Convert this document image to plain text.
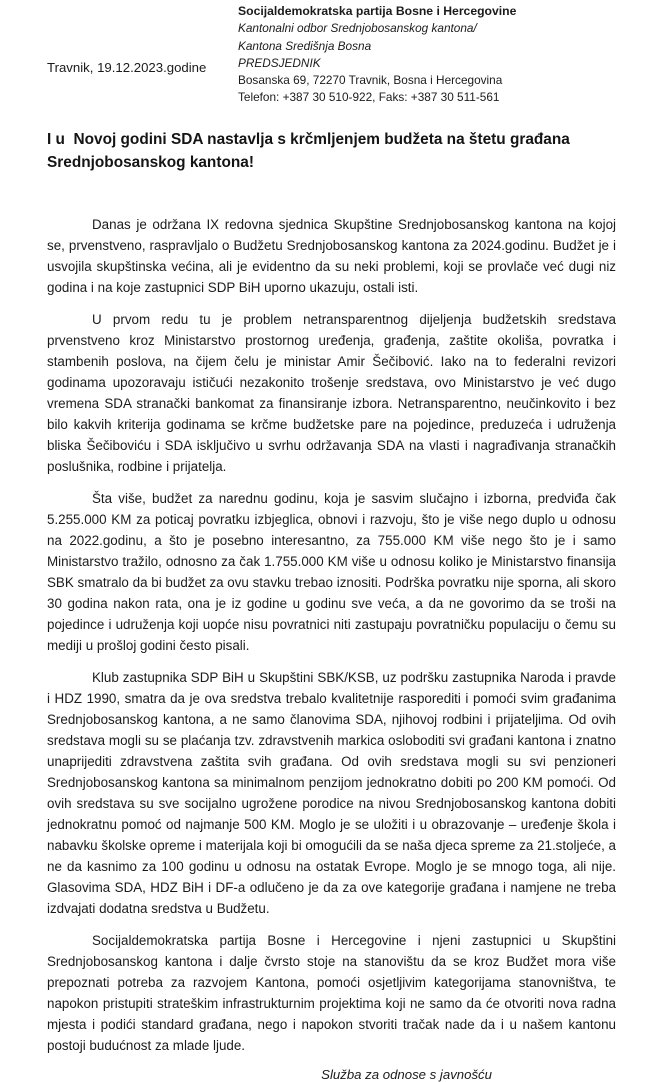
Travnik, 19.12.2023.godine
Socijaldemokratska partija Bosne i Hercegovine
Kantonalni odbor Srednjobosanskog kantona/
Kantona Središnja Bosna
PREDSJEDNIK
Bosanska 69, 72270 Travnik, Bosna i Hercegovina
Telefon: +387 30 510-922, Faks: +387 30 511-561
I u  Novoj godini SDA nastavlja s krčmljenjem budžeta na štetu građana Srednjobosanskog kantona!

Danas je održana IX redovna sjednica Skupštine Srednjobosanskog kantona na kojoj se, prvenstveno, raspravljalo o Budžetu Srednjobosanskog kantona za 2024.godinu. Budžet je i usvojila skupštinska većina, ali je evidentno da su neki problemi, koji se provlače već dugi niz godina i na koje zastupnici SDP BiH uporno ukazuju, ostali isti.

U prvom redu tu je problem netransparentnog dijeljenja budžetskih sredstava prvenstveno kroz Ministarstvo prostornog uređenja, građenja, zaštite okoliša, povratka i stambenih poslova, na čijem čelu je ministar Amir Šečibović. Iako na to federalni revizori godinama upozoravaju ističući nezakonito trošenje sredstava, ovo Ministarstvo je već dugo vremena SDA stranački bankomat za finansiranje izbora. Netransparentno, neučinkovito i bez bilo kakvih kriterija godinama se krčme budžetske pare na pojedince, preduzeća i udruženja bliska Šečiboviću i SDA isključivo u svrhu održavanja SDA na vlasti i nagrađivanja stranačkih poslušnika, rodbine i prijatelja.

Šta više, budžet za narednu godinu, koja je sasvim slučajno i izborna, predviđa čak 5.255.000 KM za poticaj povratku izbjeglica, obnovi i razvoju, što je više nego duplo u odnosu na 2022.godinu, a što je posebno interesantno, za 755.000 KM više nego što je i samo Ministarstvo tražilo, odnosno za čak 1.755.000 KM više u odnosu koliko je Ministarstvo finansija SBK smatralo da bi budžet za ovu stavku trebao iznositi. Podrška povratku nije sporna, ali skoro 30 godina nakon rata, ona je iz godine u godinu sve veća, a da ne govorimo da se troši na pojedince i udruženja koji uopće nisu povratnici niti zastupaju povratničku populaciju o čemu su mediji u prošloj godini često pisali.

Klub zastupnika SDP BiH u Skupštini SBK/KSB, uz podršku zastupnika Naroda i pravde i HDZ 1990, smatra da je ova sredstva trebalo kvalitetnije rasporediti i pomoći svim građanima Srednjobosanskog kantona, a ne samo članovima SDA, njihovoj rodbini i prijateljima. Od ovih sredstava mogli su se plaćanja tzv. zdravstvenih markica osloboditi svi građani kantona i znatno unaprijediti zdravstvena zaštita svih građana. Od ovih sredstava mogli su svi penzioneri Srednjobosanskog kantona sa minimalnom penzijom jednokratno dobiti po 200 KM pomoći. Od ovih sredstava su sve socijalno ugrožene porodice na nivou Srednjobosanskog kantona dobiti jednokratnu pomoć od najmanje 500 KM. Moglo je se uložiti i u obrazovanje – uređenje škola i nabavku školske opreme i materijala koji bi omogućili da se naša djeca spreme za 21.stoljeće, a ne da kasnimo za 100 godinu u odnosu na ostatak Evrope. Moglo je se mnogo toga, ali nije. Glasovima SDA, HDZ BiH i DF-a odlučeno je da za ove kategorije građana i namjene ne treba izdvajati dodatna sredstva u Budžetu.

Socijaldemokratska partija Bosne i Hercegovine i njeni zastupnici u Skupštini Srednjobosanskog kantona i dalje čvrsto stoje na stanovištu da se kroz Budžet mora više prepoznati potreba za razvojem Kantona, pomoći osjetljivim kategorijama stanovništva, te napokon pristupiti strateškim infrastrukturnim projektima koji ne samo da će otvoriti nova radna mjesta i podići standard građana, nego i napokon stvoriti tračak nade da i u našem kantonu postoji budućnost za mlade ljude.

Služba za odnose s javnošću
